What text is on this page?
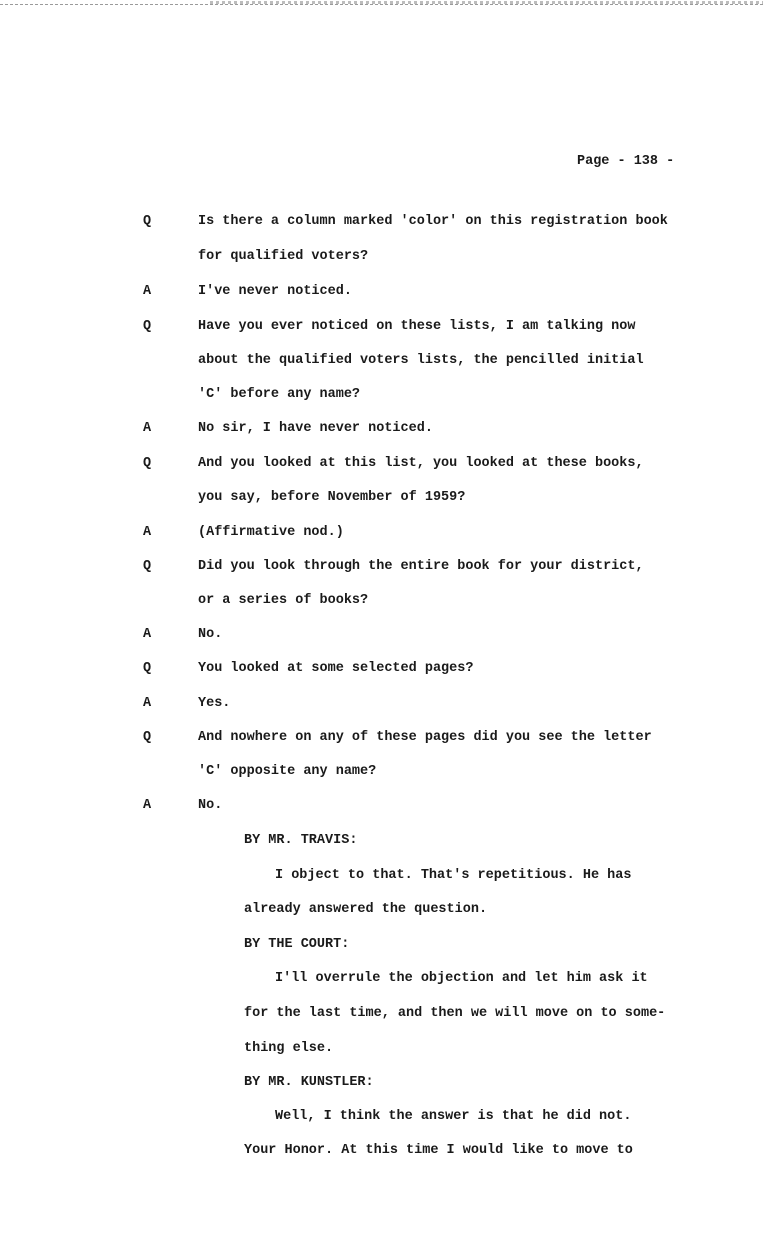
Page - 138 -
Q	Is there a column marked 'color' on this registration book
for qualified voters?
A	I've never noticed.
Q	Have you ever noticed on these lists, I am talking now
about the qualified voters lists, the pencilled initial
'C' before any name?
A	No sir, I have never noticed.
Q	And you looked at this list, you looked at these books,
you say, before November of 1959?
A	(Affirmative nod.)
Q	Did you look through the entire book for your district,
or a series of books?
A	No.
Q	You looked at some selected pages?
A	Yes.
Q	And nowhere on any of these pages did you see the letter
'C' opposite any name?
A	No.
BY MR. TRAVIS:
I object to that. That's repetitious. He has
already answered the question.
BY THE COURT:
I'll overrule the objection and let him ask it
for the last time, and then we will move on to some-
thing else.
BY MR. KUNSTLER:
Well, I think the answer is that he did not.
Your Honor. At this time I would like to move to
